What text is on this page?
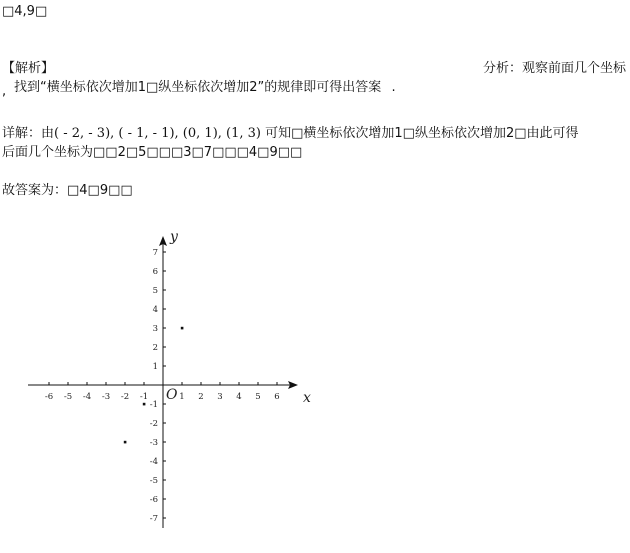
□4,9□
【解析】	分析：观察前面几个坐标
, 找到“横坐标依次增加1□纵坐标依次增加2”的规律即可得出答案 .
详解：由( - 2, - 3), ( - 1, - 1), (0, 1), (1, 3) 可知□横坐标依次增加1□纵坐标依次增加2□由此可得
后面几个坐标为□□2□5□□□3□7□□□4□9□□
故答案为：□4□9□□
x
y
O
-6 -5 -4 -3 -2 -1	1 2 3 4 5 6
7
6
5
4
3
2
1
-1
-2
-3
-4
-5
-6
-7
